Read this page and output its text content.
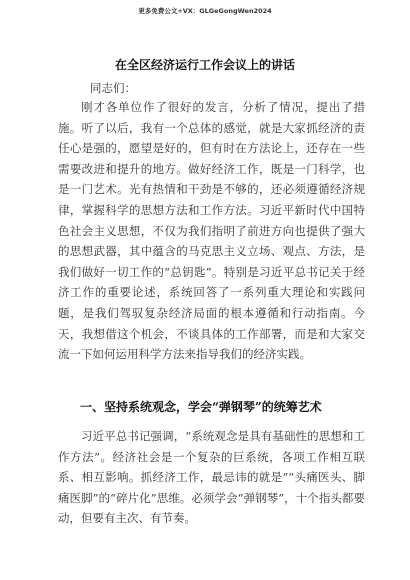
更多免费公文+VX：GLGeGongWen2024
在全区经济运行工作会议上的讲话
同志们：

刚才各单位作了很好的发言，分析了情况，提出了措施。听了以后，我有一个总体的感觉，就是大家抓经济的责任心是强的，愿望是好的，但有时在方法论上，还存在一些需要改进和提升的地方。做好经济工作，既是一门科学，也是一门艺术。光有热情和干劲是不够的，还必须遵循经济规律，掌握科学的思想方法和工作方法。习近平新时代中国特色社会主义思想，不仅为我们指明了前进方向也提供了强大的思想武器，其中蕴含的马克思主义立场、观点、方法，是我们做好一切工作的“总钥匙”。特别是习近平总书记关于经济工作的重要论述，系统回答了一系列重大理论和实践问题，是我们驾驭复杂经济局面的根本遵循和行动指南。今天，我想借这个机会，不谈具体的工作部署，而是和大家交流一下如何运用科学方法来指导我们的经济实践。

一、坚持系统观念，学会“弹钢琴”的统筹艺术

习近平总书记强调，“系统观念是具有基础性的思想和工作方法”。经济社会是一个复杂的巨系统，各项工作相互联系、相互影响。抓经济工作，最忌讳的就是““头痛医头、脚痛医脚”的“碎片化”思维。必须学会“弹钢琴”，十个指头都要动，但要有主次、有节奏。
